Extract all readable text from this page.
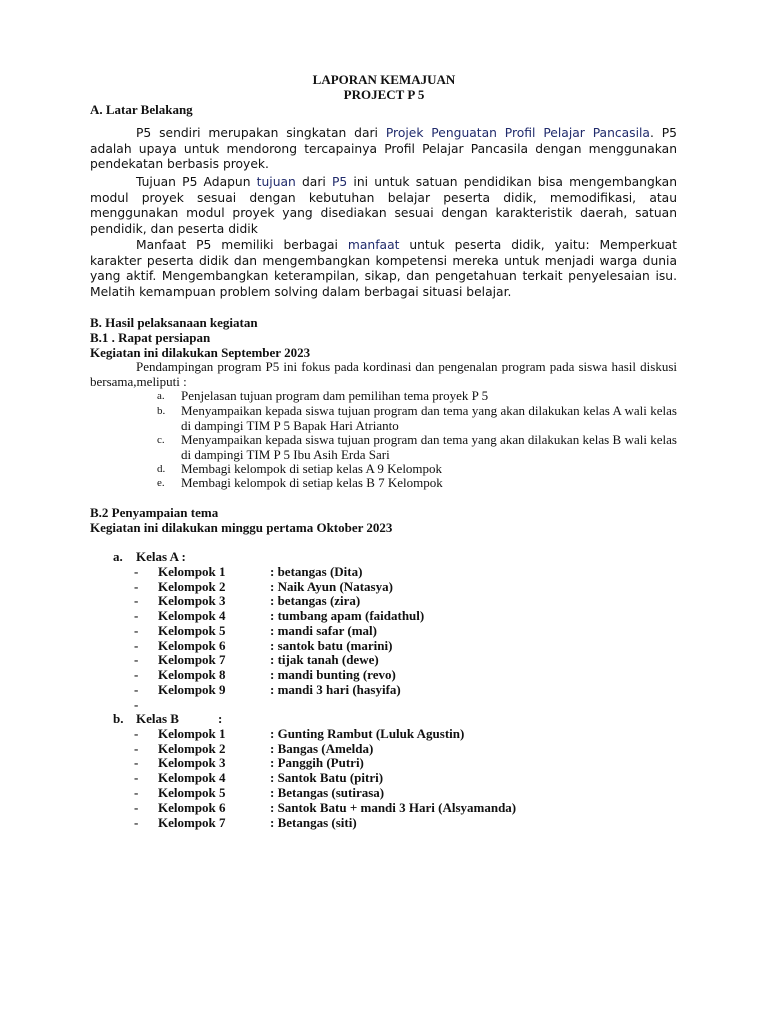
LAPORAN KEMAJUAN
PROJECT P 5
A. Latar Belakang
P5 sendiri merupakan singkatan dari Projek Penguatan Profil Pelajar Pancasila. P5 adalah upaya untuk mendorong tercapainya Profil Pelajar Pancasila dengan menggunakan pendekatan berbasis proyek.
Tujuan P5 Adapun tujuan dari P5 ini untuk satuan pendidikan bisa mengembangkan modul proyek sesuai dengan kebutuhan belajar peserta didik, memodifikasi, atau menggunakan modul proyek yang disediakan sesuai dengan karakteristik daerah, satuan pendidik, dan peserta didik
Manfaat P5 memiliki berbagai manfaat untuk peserta didik, yaitu: Memperkuat karakter peserta didik dan mengembangkan kompetensi mereka untuk menjadi warga dunia yang aktif. Mengembangkan keterampilan, sikap, dan pengetahuan terkait penyelesaian isu. Melatih kemampuan problem solving dalam berbagai situasi belajar.
B. Hasil pelaksanaan kegiatan
B.1 . Rapat persiapan
Kegiatan ini dilakukan September 2023
Pendampingan program P5 ini fokus pada kordinasi dan pengenalan program pada siswa hasil diskusi bersama,meliputi :
a. Penjelasan tujuan program dam pemilihan tema proyek P 5
b. Menyampaikan kepada siswa tujuan program dan tema yang akan dilakukan kelas A wali kelas di dampingi TIM P 5 Bapak Hari Atrianto
c. Menyampaikan kepada siswa tujuan program dan tema yang akan dilakukan kelas B wali kelas di dampingi TIM P 5 Ibu Asih Erda Sari
d. Membagi kelompok di setiap kelas A 9 Kelompok
e. Membagi kelompok di setiap kelas B 7 Kelompok
B.2 Penyampaian tema
Kegiatan ini dilakukan minggu pertama Oktober 2023
a. Kelas A :
- Kelompok 1	: betangas (Dita)
- Kelompok 2	: Naik Ayun (Natasya)
- Kelompok 3	: betangas (zira)
- Kelompok 4	: tumbang apam (faidathul)
- Kelompok 5	: mandi safar (mal)
- Kelompok 6	: santok batu (marini)
- Kelompok 7	: tijak tanah (dewe)
- Kelompok 8	: mandi bunting (revo)
- Kelompok 9	: mandi 3 hari (hasyifa)
-
b. Kelas B            :
- Kelompok 1	: Gunting Rambut (Luluk Agustin)
- Kelompok 2	: Bangas (Amelda)
- Kelompok 3	: Panggih (Putri)
- Kelompok 4	: Santok Batu (pitri)
- Kelompok 5	: Betangas (sutirasa)
- Kelompok 6	: Santok Batu + mandi 3 Hari (Alsyamanda)
- Kelompok 7	: Betangas (siti)
